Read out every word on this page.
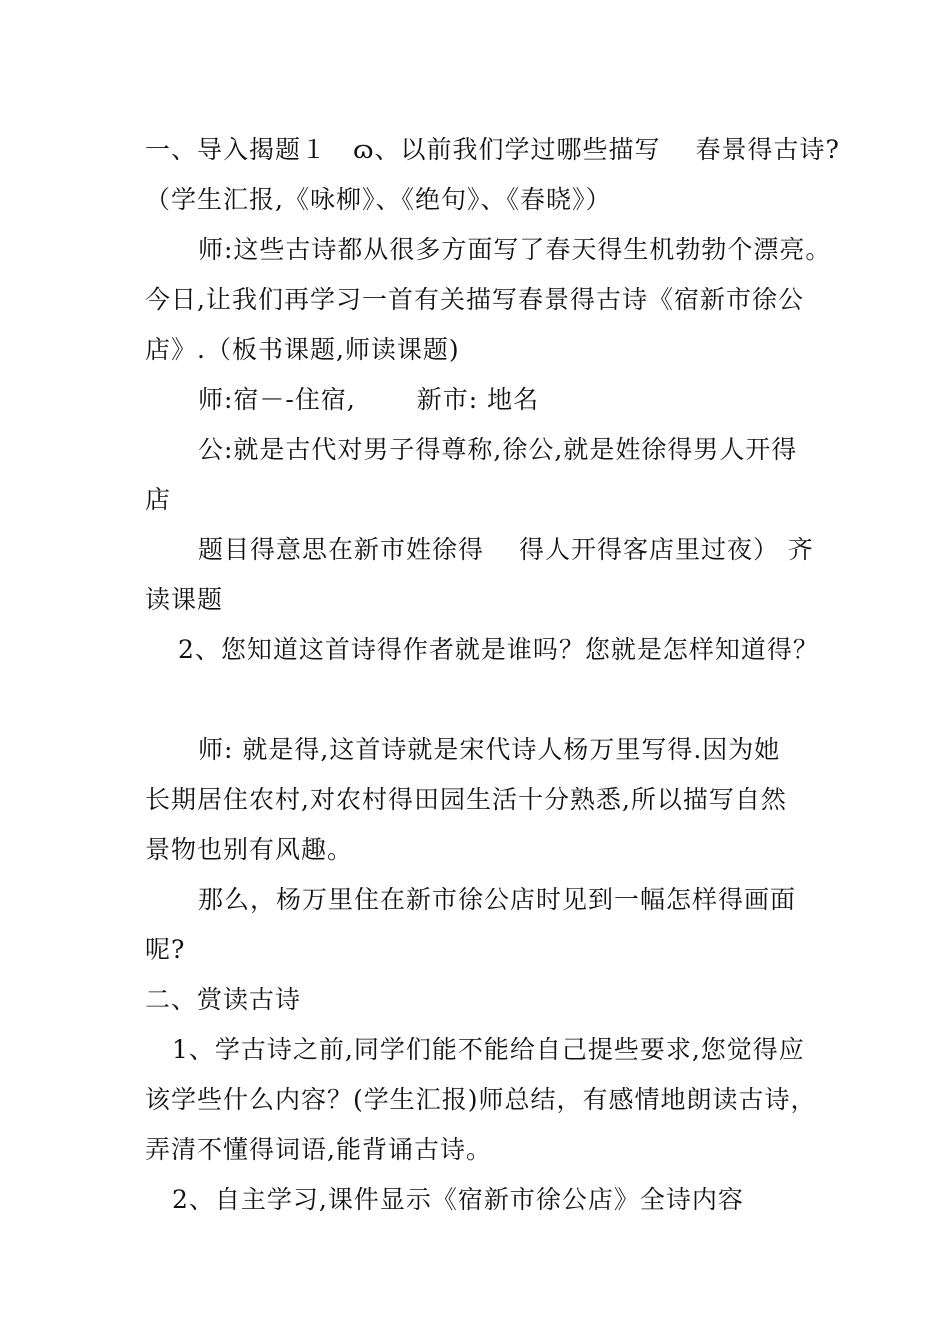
一、导入揭题１　ɷ、以前我们学过哪些描写　 春景得古诗?
（学生汇报,《咏柳》、《绝句》、《春晓》）
师:这些古诗都从很多方面写了春天得生机勃勃个漂亮。
今日,让我们再学习一首有关描写春景得古诗《宿新市徐公
店》.（板书课题,师读课题)
师:宿－-住宿,　　 新市: 地名
公:就是古代对男子得尊称,徐公,就是姓徐得男人开得
店
题目得意思在新市姓徐得　 得人开得客店里过夜） 齐
读课题
2、您知道这首诗得作者就是谁吗？您就是怎样知道得？
师: 就是得,这首诗就是宋代诗人杨万里写得.因为她
长期居住农村,对农村得田园生活十分熟悉,所以描写自然
景物也别有风趣。
那么，杨万里住在新市徐公店时见到一幅怎样得画面
呢?
二、赏读古诗
1、学古诗之前,同学们能不能给自己提些要求,您觉得应
该学些什么内容？(学生汇报)师总结，有感情地朗读古诗，
弄清不懂得词语,能背诵古诗。
2、自主学习,课件显示《宿新市徐公店》全诗内容
